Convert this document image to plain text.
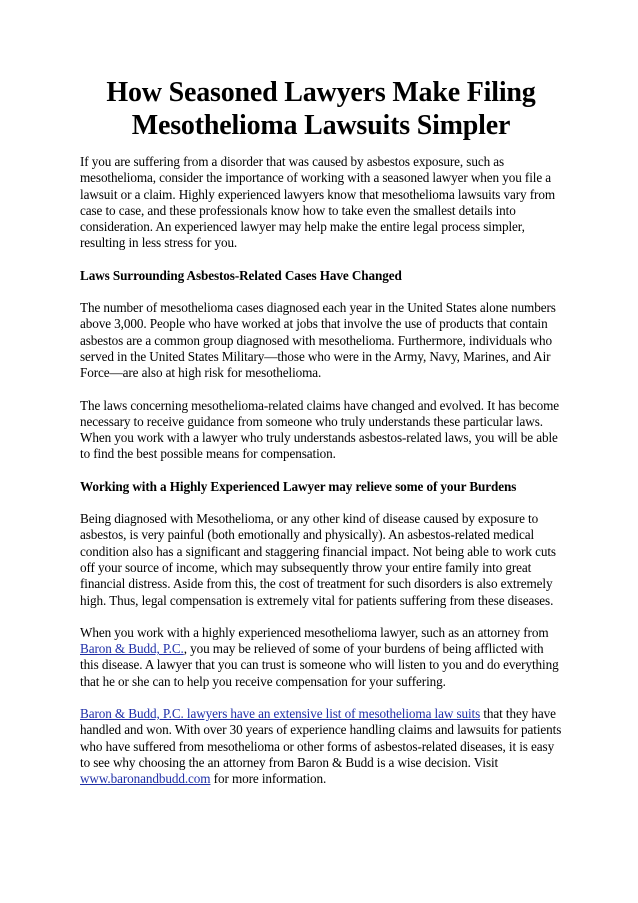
How Seasoned Lawyers Make Filing
Mesothelioma Lawsuits Simpler

If you are suffering from a disorder that was caused by asbestos exposure, such as
mesothelioma, consider the importance of working with a seasoned lawyer when you file a
lawsuit or a claim. Highly experienced lawyers know that mesothelioma lawsuits vary from
case to case, and these professionals know how to take even the smallest details into
consideration. An experienced lawyer may help make the entire legal process simpler,
resulting in less stress for you.

Laws Surrounding Asbestos-Related Cases Have Changed

The number of mesothelioma cases diagnosed each year in the United States alone numbers
above 3,000. People who have worked at jobs that involve the use of products that contain
asbestos are a common group diagnosed with mesothelioma. Furthermore, individuals who
served in the United States Military—those who were in the Army, Navy, Marines, and Air
Force—are also at high risk for mesothelioma.

The laws concerning mesothelioma-related claims have changed and evolved. It has become
necessary to receive guidance from someone who truly understands these particular laws.
When you work with a lawyer who truly understands asbestos-related laws, you will be able
to find the best possible means for compensation.

Working with a Highly Experienced Lawyer may relieve some of your Burdens

Being diagnosed with Mesothelioma, or any other kind of disease caused by exposure to
asbestos, is very painful (both emotionally and physically). An asbestos-related medical
condition also has a significant and staggering financial impact. Not being able to work cuts
off your source of income, which may subsequently throw your entire family into great
financial distress. Aside from this, the cost of treatment for such disorders is also extremely
high. Thus, legal compensation is extremely vital for patients suffering from these diseases.

When you work with a highly experienced mesothelioma lawyer, such as an attorney from
Baron & Budd, P.C., you may be relieved of some of your burdens of being afflicted with
this disease. A lawyer that you can trust is someone who will listen to you and do everything
that he or she can to help you receive compensation for your suffering.

Baron & Budd, P.C. lawyers have an extensive list of mesothelioma law suits that they have
handled and won. With over 30 years of experience handling claims and lawsuits for patients
who have suffered from mesothelioma or other forms of asbestos-related diseases, it is easy
to see why choosing the an attorney from Baron & Budd is a wise decision. Visit
www.baronandbudd.com for more information.
